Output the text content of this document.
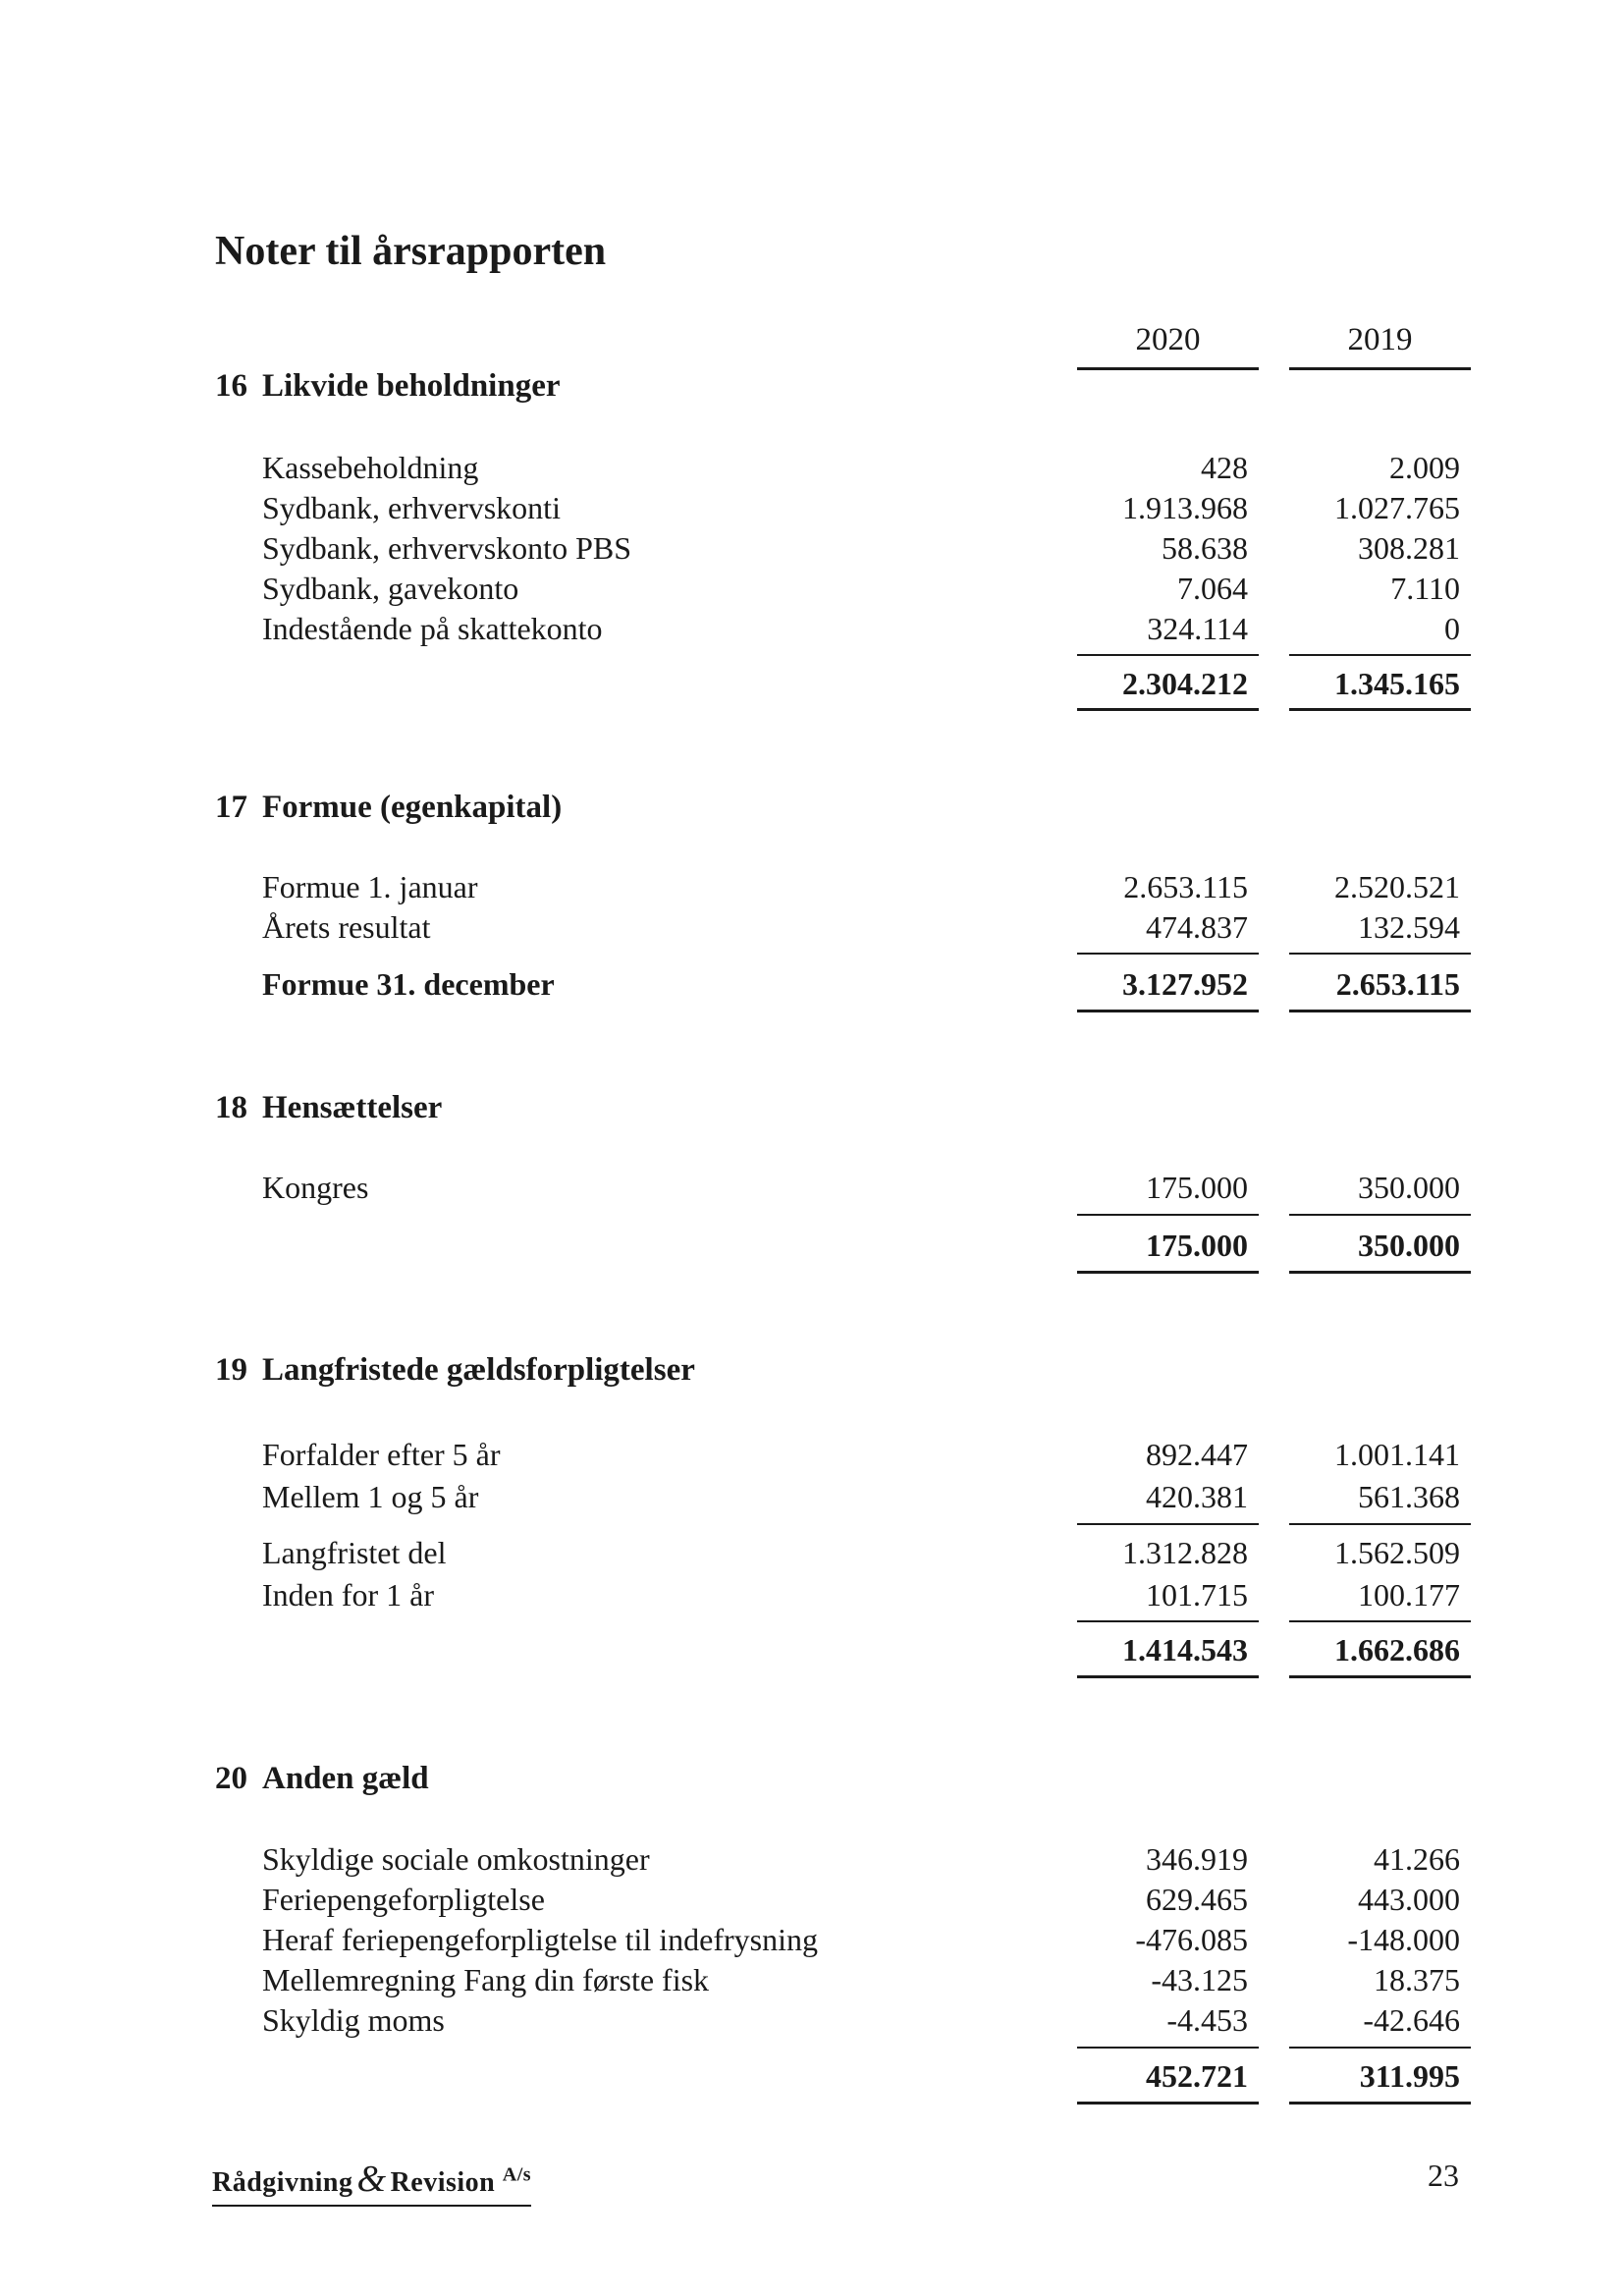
Noter til årsrapporten
2020	2019
16 Likvide beholdninger
Kassebeholdning	428	2.009
Sydbank, erhvervskonti	1.913.968	1.027.765
Sydbank, erhvervskonto PBS	58.638	308.281
Sydbank, gavekonto	7.064	7.110
Indestående på skattekonto	324.114	0
2.304.212	1.345.165
17 Formue (egenkapital)
Formue 1. januar	2.653.115	2.520.521
Årets resultat	474.837	132.594
Formue 31. december	3.127.952	2.653.115
18 Hensættelser
Kongres	175.000	350.000
175.000	350.000
19 Langfristede gældsforpligtelser
Forfalder efter 5 år	892.447	1.001.141
Mellem 1 og 5 år	420.381	561.368
Langfristet del	1.312.828	1.562.509
Inden for 1 år	101.715	100.177
1.414.543	1.662.686
20 Anden gæld
Skyldige sociale omkostninger	346.919	41.266
Feriepengeforpligtelse	629.465	443.000
Heraf feriepengeforpligtelse til indefrysning	-476.085	-148.000
Mellemregning Fang din første fisk	-43.125	18.375
Skyldig moms	-4.453	-42.646
452.721	311.995
Rådgivning & Revision $^{A/s}$	23
